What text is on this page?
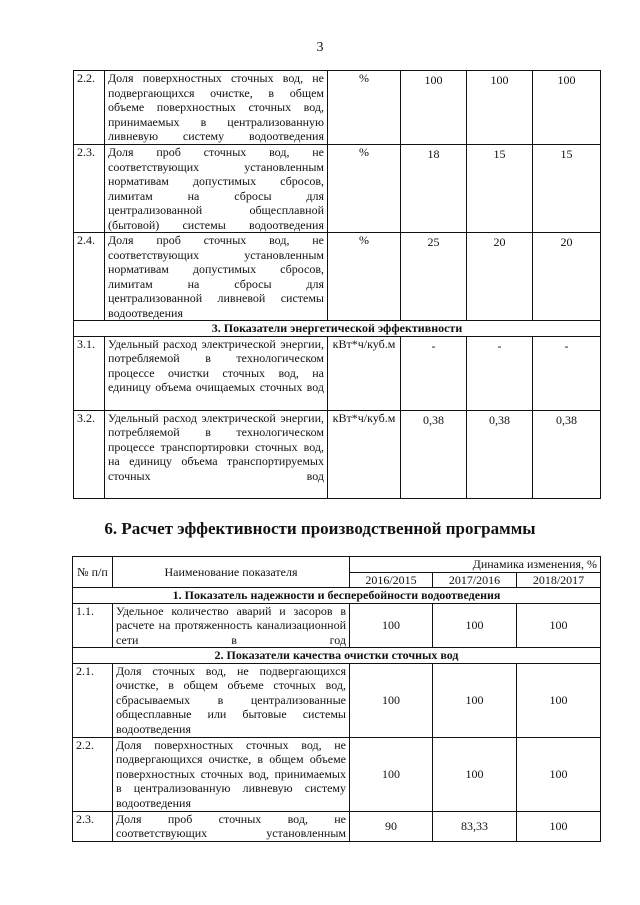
3
2.2.	Доля поверхностных сточных вод, не подвергающихся очистке, в общем объеме поверхностных сточных вод, принимаемых в централизованную ливневую систему водоотведения	%	100	100	100
2.3.	Доля проб сточных вод, не соответствующих установленным нормативам допустимых сбросов, лимитам на сбросы для централизованной общесплавной (бытовой) системы водоотведения	%	18	15	15
2.4.	Доля проб сточных вод, не соответствующих установленным нормативам допустимых сбросов, лимитам на сбросы для централизованной ливневой системы водоотведения	%	25	20	20
3. Показатели энергетической эффективности					
3.1.	Удельный расход электрической энергии, потребляемой в технологическом процессе очистки сточных вод, на единицу объема очищаемых сточных вод	кВт*ч/куб.м	-	-	-
3.2.	Удельный расход электрической энергии, потребляемой в технологическом процессе транспортировки сточных вод, на единицу объема транспортируемых сточных вод	кВт*ч/куб.м	0,38	0,38	0,38
6. Расчет эффективности производственной программы
№ п/п	Наименование показателя	Динамика изменения, %		
		2016/2015	2017/2016	2018/2017
1. Показатель надежности и бесперебойности водоотведения				
1.1.	Удельное количество аварий и засоров в расчете на протяженность канализационной сети в год	100	100	100
2. Показатели качества очистки сточных вод				
2.1.	Доля сточных вод, не подвергающихся очистке, в общем объеме сточных вод, сбрасываемых в централизованные общесплавные или бытовые системы водоотведения	100	100	100
2.2.	Доля поверхностных сточных вод, не подвергающихся очистке, в общем объеме поверхностных сточных вод, принимаемых в централизованную ливневую систему водоотведения	100	100	100
2.3.	Доля проб сточных вод, не соответствующих установленным	90	83,33	100
